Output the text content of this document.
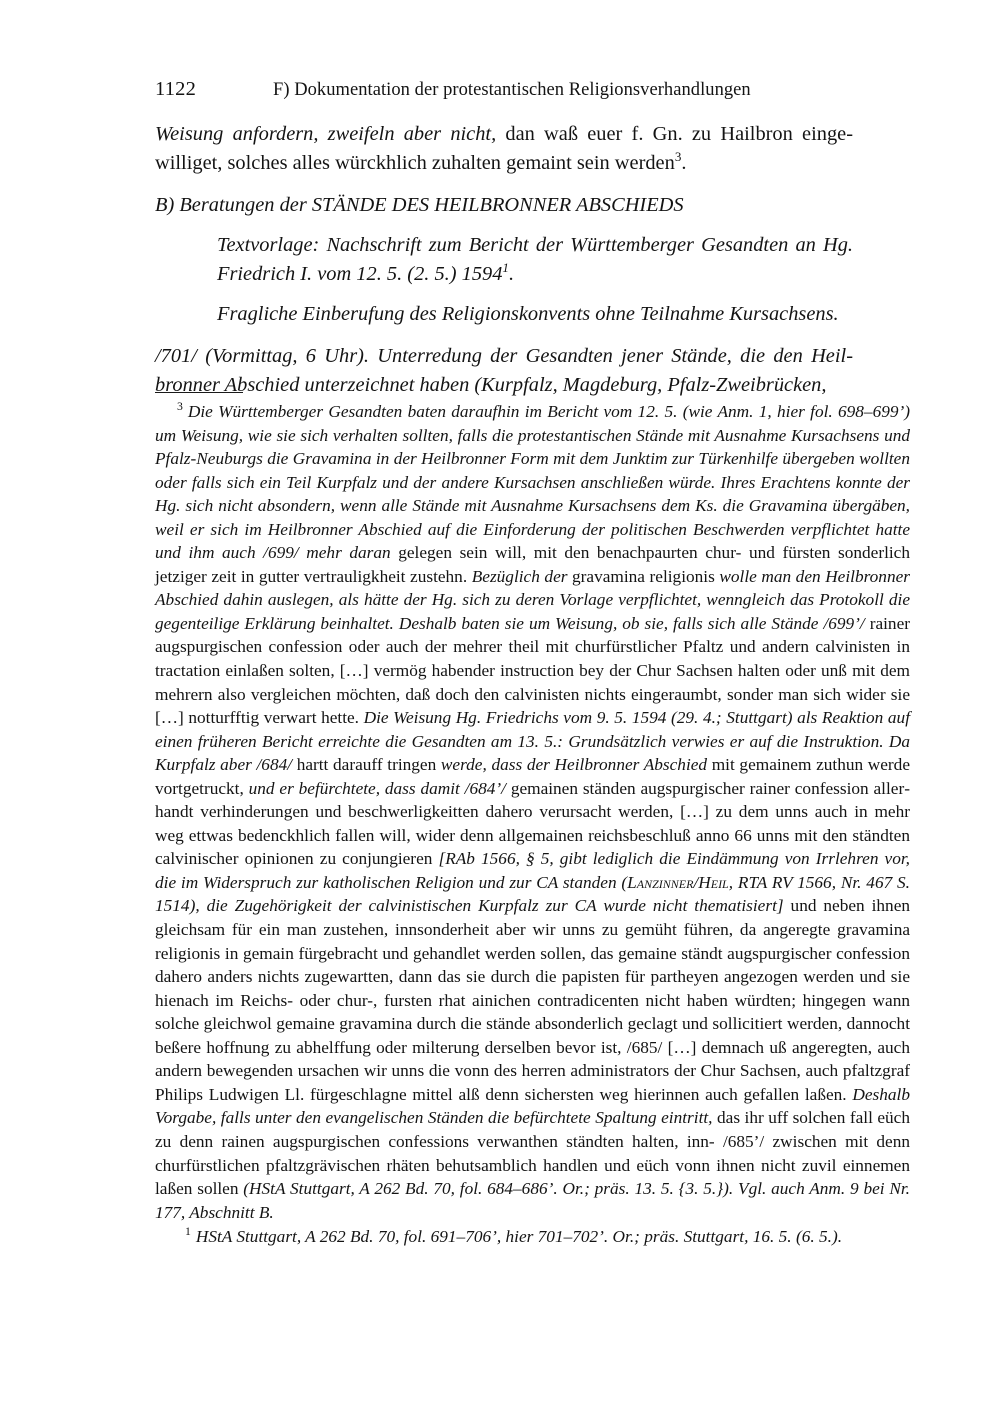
1122	F) Dokumentation der protestantischen Religionsverhandlungen

Weisung anfordern, zweifeln aber nicht, dan waß euer f. Gn. zu Hailbron eingewilliget, solches alles würckhlich zuhalten gemaint sein werden$^3$.

B) Beratungen der STÄNDE DES HEILBRONNER ABSCHIEDS
Textvorlage: Nachschrift zum Bericht der Württemberger Gesandten an Hg. Friedrich I. vom 12. 5. (2. 5.) 1594$^1$.
Fragliche Einberufung des Religionskonvents ohne Teilnahme Kursachsens.
/701/ (Vormittag, 6 Uhr). Unterredung der Gesandten jener Stände, die den Heilbronner Abschied unterzeichnet haben (Kurpfalz, Magdeburg, Pfalz-Zweibrücken,

$^3$ Die Württemberger Gesandten baten daraufhin im Bericht vom 12. 5. (wie Anm. 1, hier fol. 698–699’) um Weisung, wie sie sich verhalten sollten, falls die protestantischen Stände mit Ausnahme Kursachsens und Pfalz-Neuburgs die Gravamina in der Heilbronner Form mit dem Junktim zur Türkenhilfe übergeben wollten oder falls sich ein Teil Kurpfalz und der andere Kursachsen anschließen würde. Ihres Erachtens konnte der Hg. sich nicht absondern, wenn alle Stände mit Ausnahme Kursachsens dem Ks. die Gravamina übergäben, weil er sich im Heilbronner Abschied auf die Einforderung der politischen Beschwerden verpflichtet hatte und ihm auch /699/ mehr daran gelegen sein will, mit den benachpaurten chur- und fürsten sonderlich jetziger zeit in gutter vertrauligkheit zustehn. Bezüglich der gravamina religionis wolle man den Heilbronner Abschied dahin auslegen, als hätte der Hg. sich zu deren Vorlage verpflichtet, wenngleich das Protokoll die gegenteilige Erklärung beinhaltet. Deshalb baten sie um Weisung, ob sie, falls sich alle Stände /699’/ rainer augspurgischen confession oder auch der mehrer theil mit churfürstlicher Pfaltz und andern calvinisten in tractation einlaßen solten, […] vermög habender instruction bey der Chur Sachsen halten oder unß mit dem mehrern also vergleichen möchten, daß doch den calvinisten nichts eingeraumbt, sonder man sich wider sie […] notturfftig verwart hette. Die Weisung Hg. Friedrichs vom 9. 5. 1594 (29. 4.; Stuttgart) als Reaktion auf einen früheren Bericht erreichte die Gesandten am 13. 5.: Grundsätzlich verwies er auf die Instruktion. Da Kurpfalz aber /684/ hartt darauff tringen werde, dass der Heilbronner Abschied mit gemainem zuthun werde vortgetruckt, und er befürchtete, dass damit /684’/ gemainen ständen augspurgischer rainer confession allerhandt verhinderungen und beschwerligkeitten dahero verursacht werden, […] zu dem unns auch in mehr weg ettwas bedenckhlich fallen will, wider denn allgemainen reichsbeschluß anno 66 unns mit den ständten calvinischer opinionen zu conjungieren [RAb 1566, § 5, gibt lediglich die Eindämmung von Irrlehren vor, die im Widerspruch zur katholischen Religion und zur CA standen (Lanzinner/Heil, RTA RV 1566, Nr. 467 S. 1514), die Zugehörigkeit der calvinistischen Kurpfalz zur CA wurde nicht thematisiert] und neben ihnen gleichsam für ein man zustehen, innsonderheit aber wir unns zu gemüht führen, da angeregte gravamina religionis in gemain fürgebracht und gehandlet werden sollen, das gemaine ständt augspurgischer confession dahero anders nichts zugewartten, dann das sie durch die papisten für partheyen angezogen werden und sie hienach im Reichs- oder chur-, fursten rhat ainichen contradicenten nicht haben würdten; hingegen wann solche gleichwol gemaine gravamina durch die stände absonderlich geclagt und sollicitiert werden, dannocht beßere hoffnung zu abhelffung oder milterung derselben bevor ist, /685/ […] demnach uß angeregten, auch andern bewegenden ursachen wir unns die vonn des herren administrators der Chur Sachsen, auch pfaltzgraf Philips Ludwigen Ll. fürgeschlagne mittel alß denn sichersten weg hierinnen auch gefallen laßen. Deshalb Vorgabe, falls unter den evangelischen Ständen die befürchtete Spaltung eintritt, das ihr uff solchen fall eüch zu denn rainen augspurgischen confessions verwanthen ständten halten, inn- /685’/ zwischen mit denn churfürstlichen pfaltzgrävischen rhäten behutsamblich handlen und eüch vonn ihnen nicht zuvil einnemen laßen sollen (HStA Stuttgart, A 262 Bd. 70, fol. 684–686’. Or.; präs. 13. 5. {3. 5.}). Vgl. auch Anm. 9 bei Nr. 177, Abschnitt B.

$^1$ HStA Stuttgart, A 262 Bd. 70, fol. 691–706’, hier 701–702’. Or.; präs. Stuttgart, 16. 5. (6. 5.).
